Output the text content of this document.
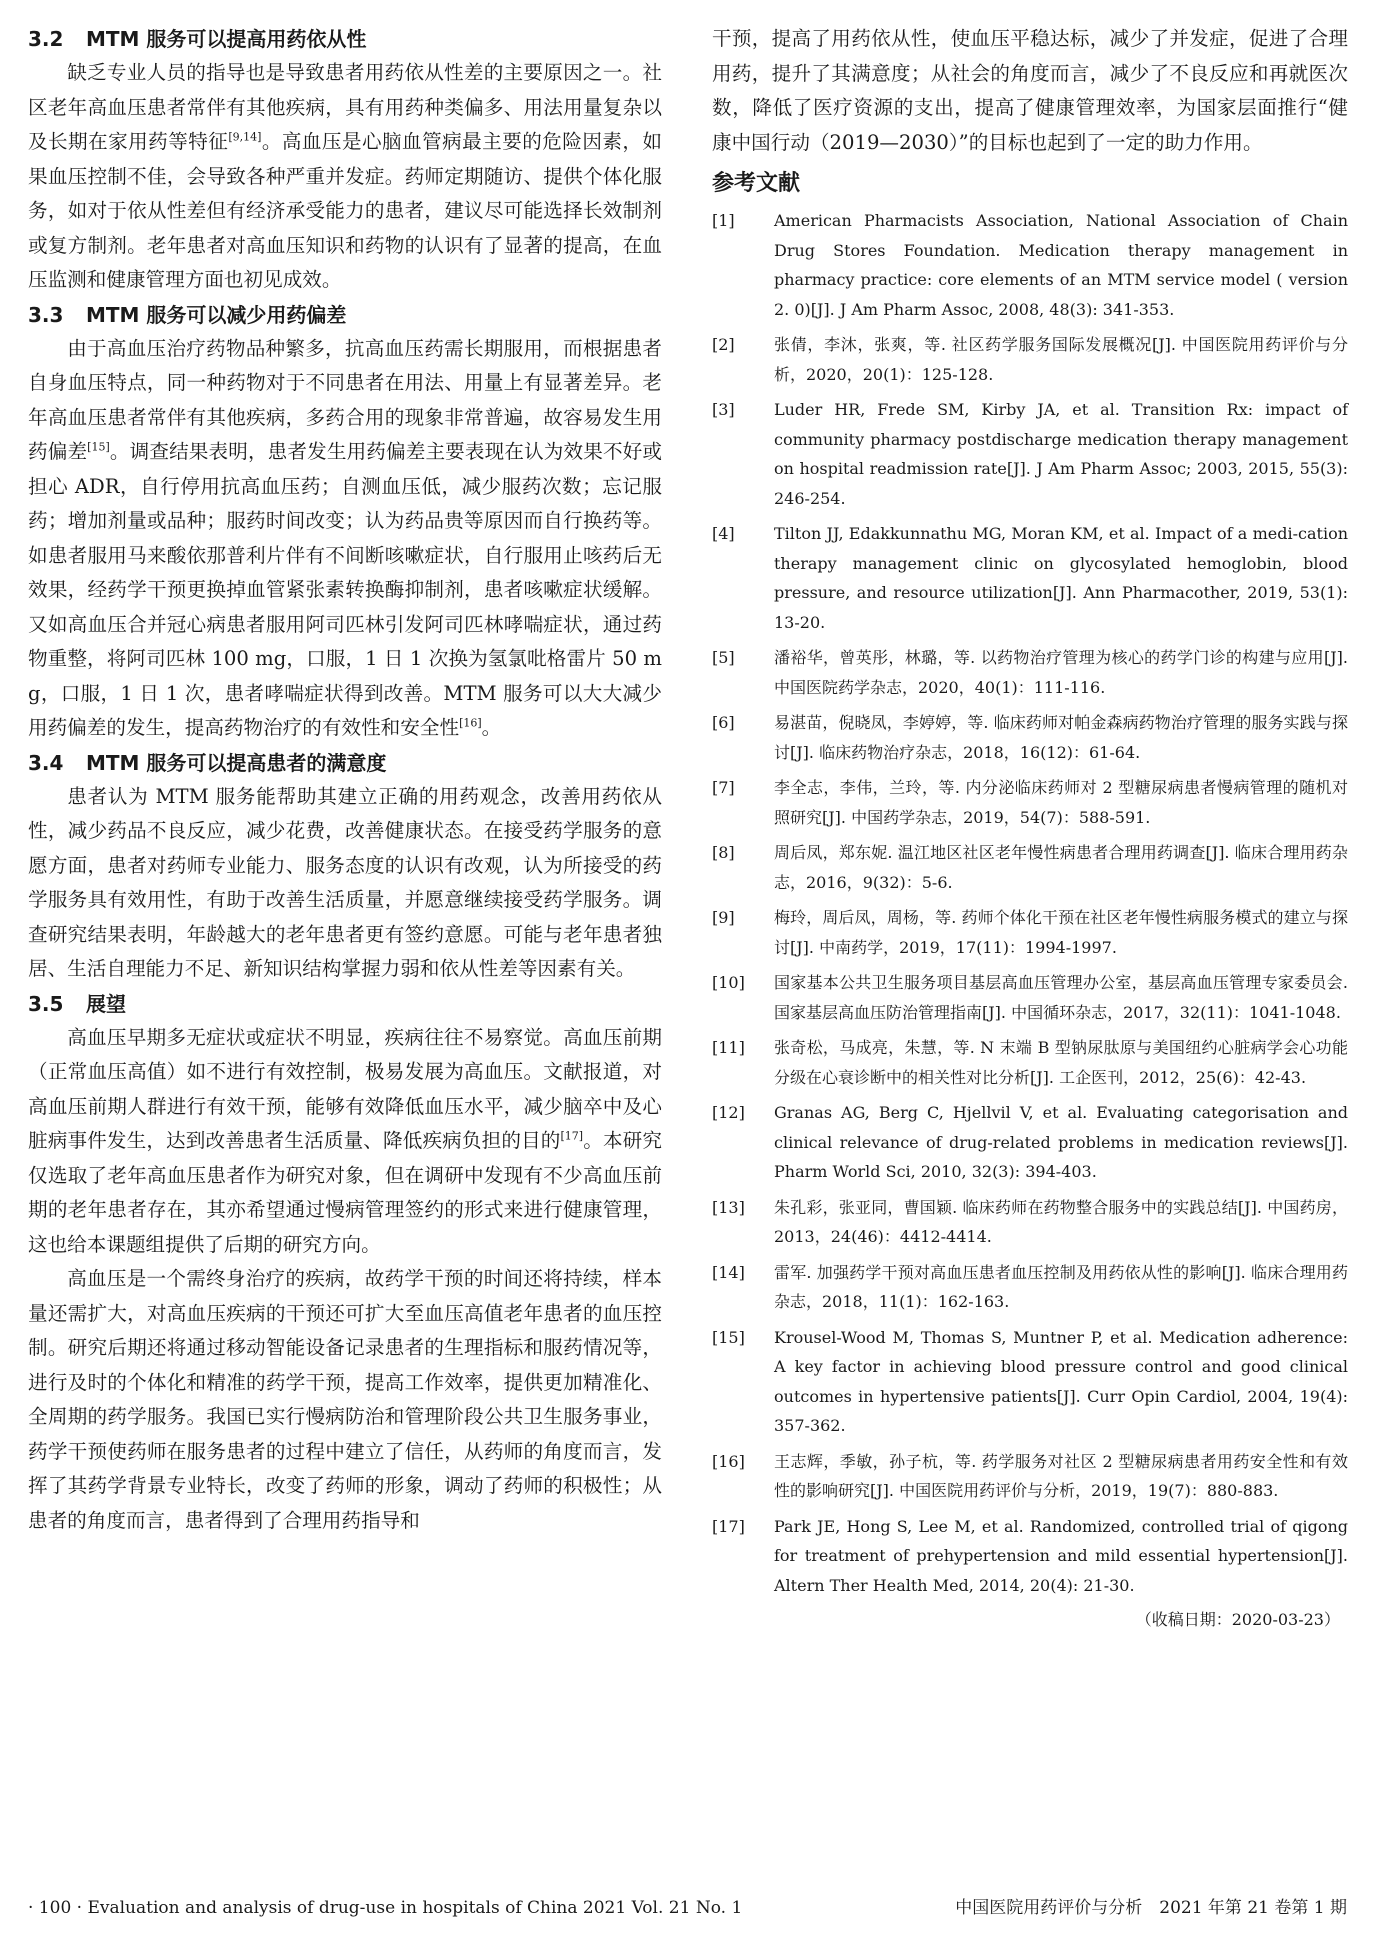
3.2 MTM 服务可以提高用药依从性

缺乏专业人员的指导也是导致患者用药依从性差的主要原因之一。社区老年高血压患者常伴有其他疾病，具有用药种类偏多、用法用量复杂以及长期在家用药等特征[9,14]。高血压是心脑血管病最主要的危险因素，如果血压控制不佳，会导致各种严重并发症。药师定期随访、提供个体化服务，如对于依从性差但有经济承受能力的患者，建议尽可能选择长效制剂或复方制剂。老年患者对高血压知识和药物的认识有了显著的提高，在血压监测和健康管理方面也初见成效。

3.3 MTM 服务可以减少用药偏差

由于高血压治疗药物品种繁多，抗高血压药需长期服用，而根据患者自身血压特点，同一种药物对于不同患者在用法、用量上有显著差异。老年高血压患者常伴有其他疾病，多药合用的现象非常普遍，故容易发生用药偏差[15]。调查结果表明，患者发生用药偏差主要表现在认为效果不好或担心 ADR，自行停用抗高血压药；自测血压低，减少服药次数；忘记服药；增加剂量或品种；服药时间改变；认为药品贵等原因而自行换药等。如患者服用马来酸依那普利片伴有不间断咳嗽症状，自行服用止咳药后无效果，经药学干预更换掉血管紧张素转换酶抑制剂，患者咳嗽症状缓解。又如高血压合并冠心病患者服用阿司匹林引发阿司匹林哮喘症状，通过药物重整，将阿司匹林 100 mg，口服，1 日 1 次换为氢氯吡格雷片 50 mg，口服，1 日 1 次，患者哮喘症状得到改善。MTM 服务可以大大减少用药偏差的发生，提高药物治疗的有效性和安全性[16]。

3.4 MTM 服务可以提高患者的满意度

患者认为 MTM 服务能帮助其建立正确的用药观念，改善用药依从性，减少药品不良反应，减少花费，改善健康状态。在接受药学服务的意愿方面，患者对药师专业能力、服务态度的认识有改观，认为所接受的药学服务具有效用性，有助于改善生活质量，并愿意继续接受药学服务。调查研究结果表明，年龄越大的老年患者更有签约意愿。可能与老年患者独居、生活自理能力不足、新知识结构掌握力弱和依从性差等因素有关。

3.5 展望

高血压早期多无症状或症状不明显，疾病往往不易察觉。高血压前期（正常血压高值）如不进行有效控制，极易发展为高血压。文献报道，对高血压前期人群进行有效干预，能够有效降低血压水平，减少脑卒中及心脏病事件发生，达到改善患者生活质量、降低疾病负担的目的[17]。本研究仅选取了老年高血压患者作为研究对象，但在调研中发现有不少高血压前期的老年患者存在，其亦希望通过慢病管理签约的形式来进行健康管理，这也给本课题组提供了后期的研究方向。

高血压是一个需终身治疗的疾病，故药学干预的时间还将持续，样本量还需扩大，对高血压疾病的干预还可扩大至血压高值老年患者的血压控制。研究后期还将通过移动智能设备记录患者的生理指标和服药情况等，进行及时的个体化和精准的药学干预，提高工作效率，提供更加精准化、全周期的药学服务。我国已实行慢病防治和管理阶段公共卫生服务事业，药学干预使药师在服务患者的过程中建立了信任，从药师的角度而言，发挥了其药学背景专业特长，改变了药师的形象，调动了药师的积极性；从患者的角度而言，患者得到了合理用药指导和

干预，提高了用药依从性，使血压平稳达标，减少了并发症，促进了合理用药，提升了其满意度；从社会的角度而言，减少了不良反应和再就医次数，降低了医疗资源的支出，提高了健康管理效率，为国家层面推行“健康中国行动（2019—2030）”的目标也起到了一定的助力作用。

参考文献
[1]	American Pharmacists Association, National Association of Chain Drug Stores Foundation. Medication therapy management in pharmacy practice: core elements of an MTM service model ( version 2. 0)[J]. J Am Pharm Assoc, 2008, 48(3): 341-353.
[2]	张倩，李沐，张爽，等. 社区药学服务国际发展概况[J]. 中国医院用药评价与分析，2020，20(1)：125-128.
[3]	Luder HR, Frede SM, Kirby JA, et al. Transition Rx: impact of community pharmacy postdischarge medication therapy management on hospital readmission rate[J]. J Am Pharm Assoc; 2003, 2015, 55(3): 246-254.
[4]	Tilton JJ, Edakkunnathu MG, Moran KM, et al. Impact of a medi-cation therapy management clinic on glycosylated hemoglobin, blood pressure, and resource utilization[J]. Ann Pharmacother, 2019, 53(1): 13-20.
[5]	潘裕华，曾英彤，林璐，等. 以药物治疗管理为核心的药学门诊的构建与应用[J]. 中国医院药学杂志，2020，40(1)：111-116.
[6]	易湛苗，倪晓凤，李婷婷，等. 临床药师对帕金森病药物治疗管理的服务实践与探讨[J]. 临床药物治疗杂志，2018，16(12)：61-64.
[7]	李全志，李伟，兰玲，等. 内分泌临床药师对 2 型糖尿病患者慢病管理的随机对照研究[J]. 中国药学杂志，2019，54(7)：588-591.
[8]	周后凤，郑东妮. 温江地区社区老年慢性病患者合理用药调查[J]. 临床合理用药杂志，2016，9(32)：5-6.
[9]	梅玲，周后凤，周杨，等. 药师个体化干预在社区老年慢性病服务模式的建立与探讨[J]. 中南药学，2019，17(11)：1994-1997.
[10]	国家基本公共卫生服务项目基层高血压管理办公室，基层高血压管理专家委员会. 国家基层高血压防治管理指南[J]. 中国循环杂志，2017，32(11)：1041-1048.
[11]	张奇松，马成亮，朱慧，等. N 末端 B 型钠尿肽原与美国纽约心脏病学会心功能分级在心衰诊断中的相关性对比分析[J]. 工企医刊，2012，25(6)：42-43.
[12]	Granas AG, Berg C, Hjellvil V, et al. Evaluating categorisation and clinical relevance of drug-related problems in medication reviews[J]. Pharm World Sci, 2010, 32(3): 394-403.
[13]	朱孔彩，张亚同，曹国颖. 临床药师在药物整合服务中的实践总结[J]. 中国药房，2013，24(46)：4412-4414.
[14]	雷军. 加强药学干预对高血压患者血压控制及用药依从性的影响[J]. 临床合理用药杂志，2018，11(1)：162-163.
[15]	Krousel-Wood M, Thomas S, Muntner P, et al. Medication adherence: A key factor in achieving blood pressure control and good clinical outcomes in hypertensive patients[J]. Curr Opin Cardiol, 2004, 19(4): 357-362.
[16]	王志辉，季敏，孙子杭，等. 药学服务对社区 2 型糖尿病患者用药安全性和有效性的影响研究[J]. 中国医院用药评价与分析，2019，19(7)：880-883.
[17]	Park JE, Hong S, Lee M, et al. Randomized, controlled trial of qigong for treatment of prehypertension and mild essential hypertension[J]. Altern Ther Health Med, 2014, 20(4): 21-30.

（收稿日期：2020-03-23）

· 100 · Evaluation and analysis of drug-use in hospitals of China 2021 Vol. 21 No. 1	中国医院用药评价与分析　2021 年第 21 卷第 1 期
